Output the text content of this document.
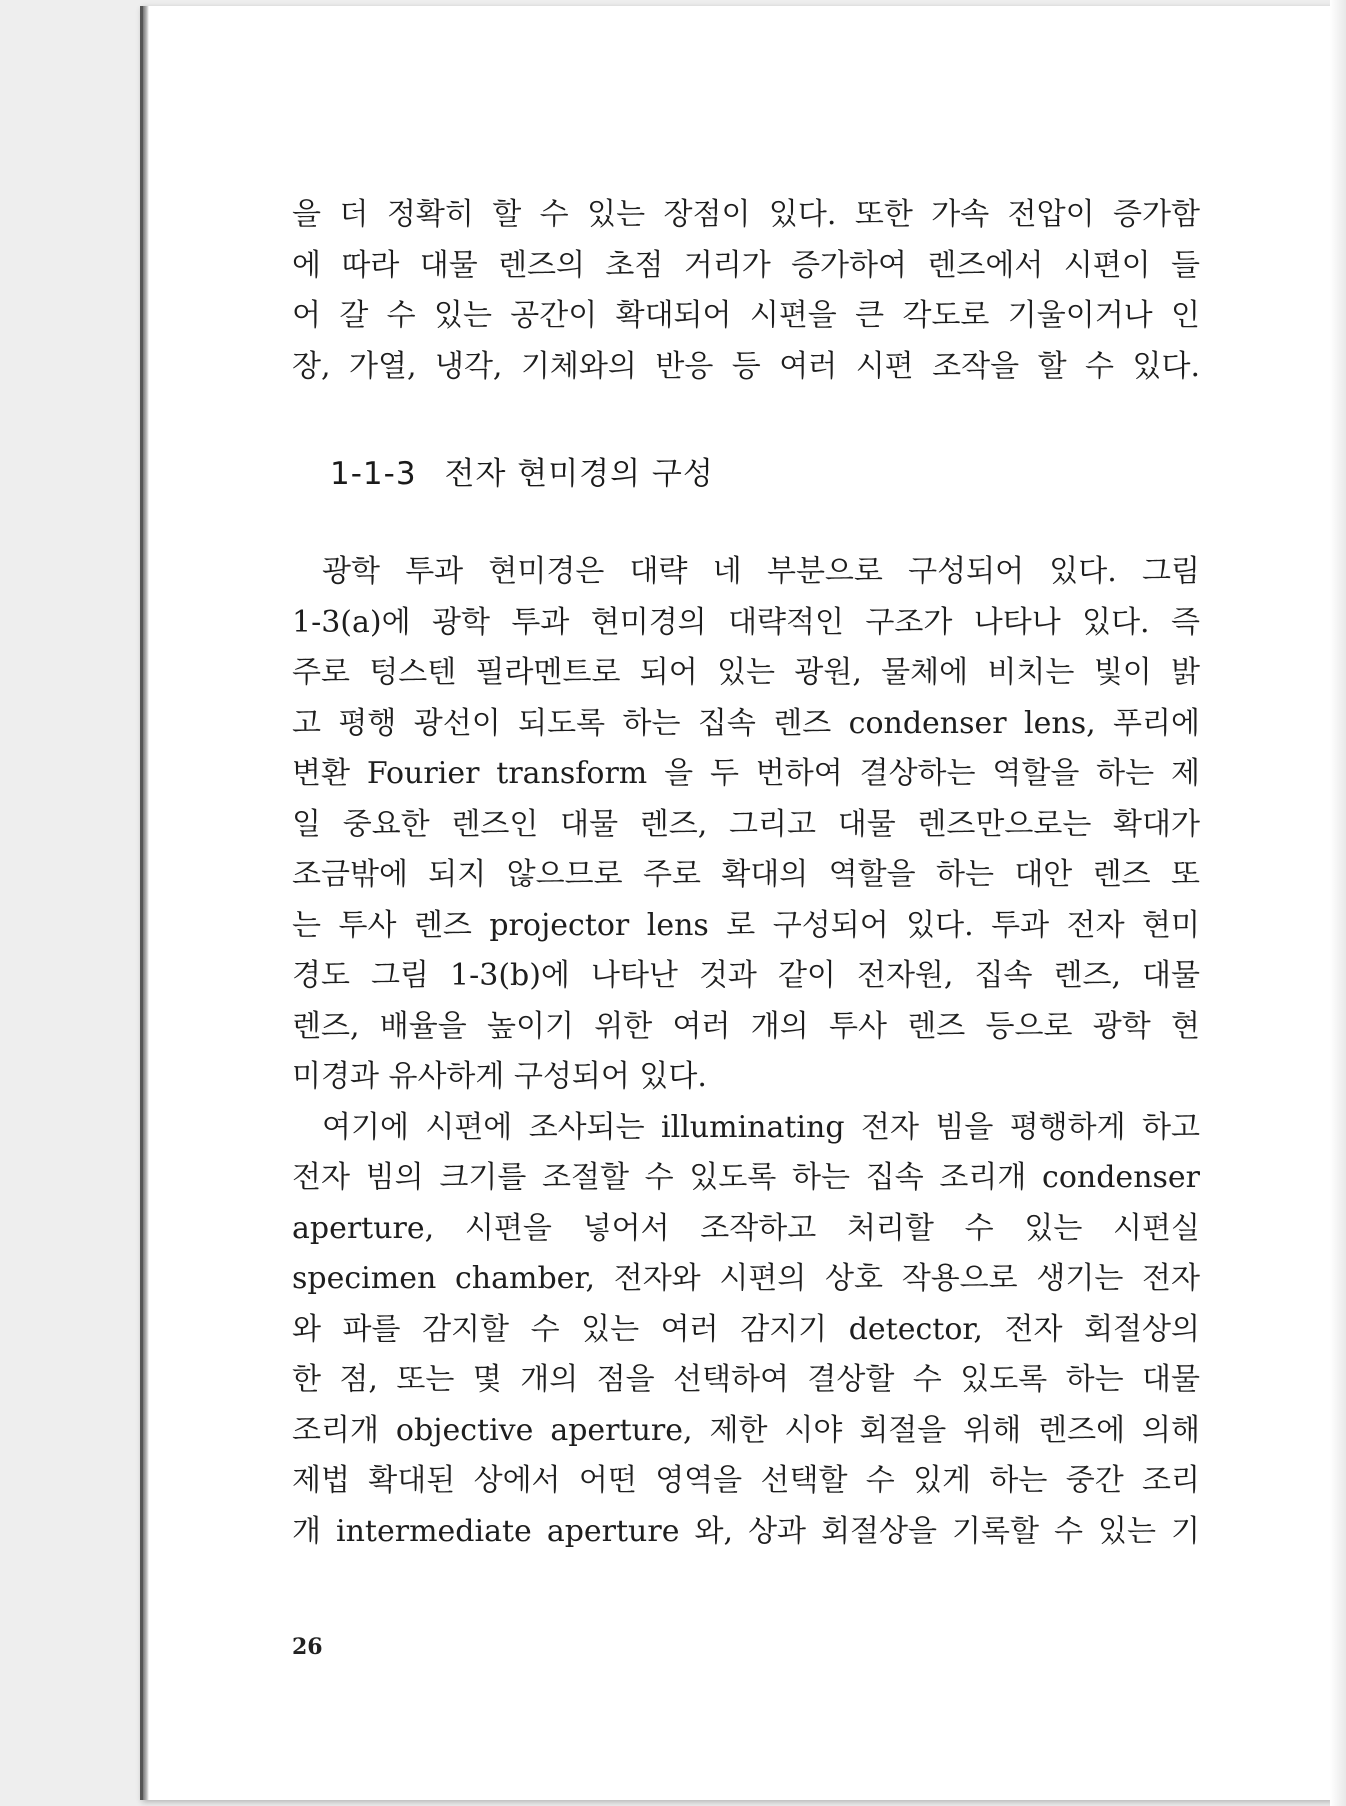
을 더 정확히 할 수 있는 장점이 있다. 또한 가속 전압이 증가함
에 따라 대물 렌즈의 초점 거리가 증가하여 렌즈에서 시편이 들
어 갈 수 있는 공간이 확대되어 시편을 큰 각도로 기울이거나 인
장, 가열, 냉각, 기체와의 반응 등 여러 시편 조작을 할 수 있다.
1-1-3 전자 현미경의 구성
광학 투과 현미경은 대략 네 부분으로 구성되어 있다. 그림
1-3(a)에 광학 투과 현미경의 대략적인 구조가 나타나 있다. 즉
주로 텅스텐 필라멘트로 되어 있는 광원, 물체에 비치는 빛이 밝
고 평행 광선이 되도록 하는 집속 렌즈 condenser lens, 푸리에
변환 Fourier transform 을 두 번하여 결상하는 역할을 하는 제
일 중요한 렌즈인 대물 렌즈, 그리고 대물 렌즈만으로는 확대가
조금밖에 되지 않으므로 주로 확대의 역할을 하는 대안 렌즈 또
는 투사 렌즈 projector lens 로 구성되어 있다. 투과 전자 현미
경도 그림 1-3(b)에 나타난 것과 같이 전자원, 집속 렌즈, 대물
렌즈, 배율을 높이기 위한 여러 개의 투사 렌즈 등으로 광학 현
미경과 유사하게 구성되어 있다.
여기에 시편에 조사되는 illuminating 전자 빔을 평행하게 하고
전자 빔의 크기를 조절할 수 있도록 하는 집속 조리개 condenser
aperture, 시편을 넣어서 조작하고 처리할 수 있는 시편실
specimen chamber, 전자와 시편의 상호 작용으로 생기는 전자
와 파를 감지할 수 있는 여러 감지기 detector, 전자 회절상의
한 점, 또는 몇 개의 점을 선택하여 결상할 수 있도록 하는 대물
조리개 objective aperture, 제한 시야 회절을 위해 렌즈에 의해
제법 확대된 상에서 어떤 영역을 선택할 수 있게 하는 중간 조리
개 intermediate aperture 와, 상과 회절상을 기록할 수 있는 기
26
